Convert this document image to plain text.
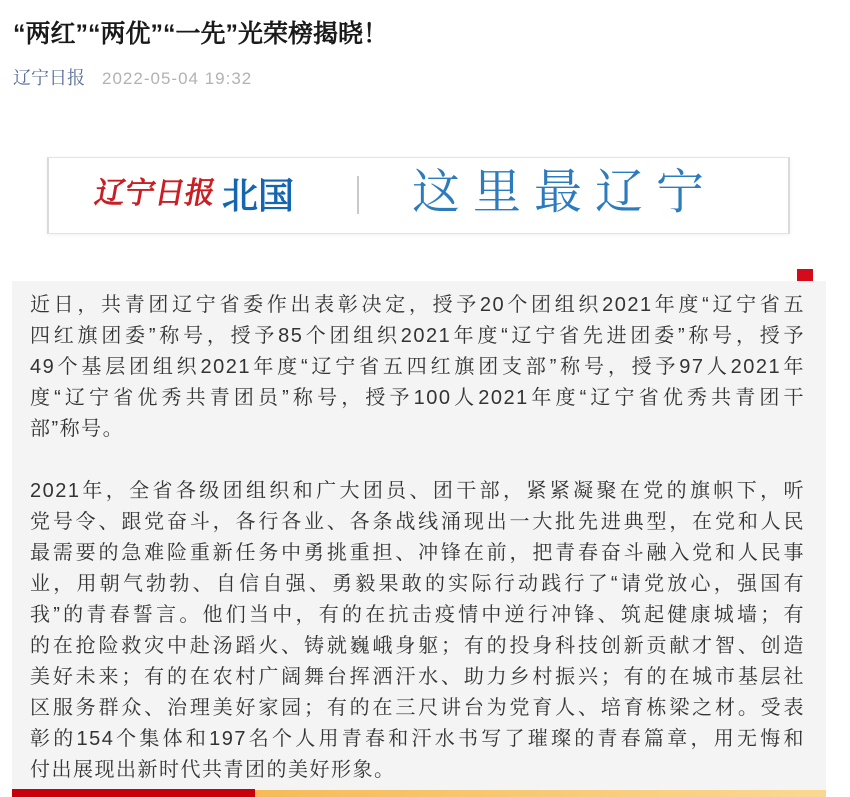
“两红”“两优”“一先”光荣榜揭晓！
辽宁日报 2022-05-04 19:32
辽宁日报 北国 这里最辽宁
近日，共青团辽宁省委作出表彰决定，授予20个团组织2021年度“辽宁省五
四红旗团委”称号，授予85个团组织2021年度“辽宁省先进团委”称号，授予
49个基层团组织2021年度“辽宁省五四红旗团支部”称号，授予97人2021年
度“辽宁省优秀共青团员”称号，授予100人2021年度“辽宁省优秀共青团干
部”称号。
2021年，全省各级团组织和广大团员、团干部，紧紧凝聚在党的旗帜下，听
党号令、跟党奋斗，各行各业、各条战线涌现出一大批先进典型，在党和人民
最需要的急难险重新任务中勇挑重担、冲锋在前，把青春奋斗融入党和人民事
业，用朝气勃勃、自信自强、勇毅果敢的实际行动践行了“请党放心，强国有
我”的青春誓言。他们当中，有的在抗击疫情中逆行冲锋、筑起健康城墙；有
的在抢险救灾中赴汤蹈火、铸就巍峨身躯；有的投身科技创新贡献才智、创造
美好未来；有的在农村广阔舞台挥洒汗水、助力乡村振兴；有的在城市基层社
区服务群众、治理美好家园；有的在三尺讲台为党育人、培育栋梁之材。受表
彰的154个集体和197名个人用青春和汗水书写了璀璨的青春篇章，用无悔和
付出展现出新时代共青团的美好形象。
